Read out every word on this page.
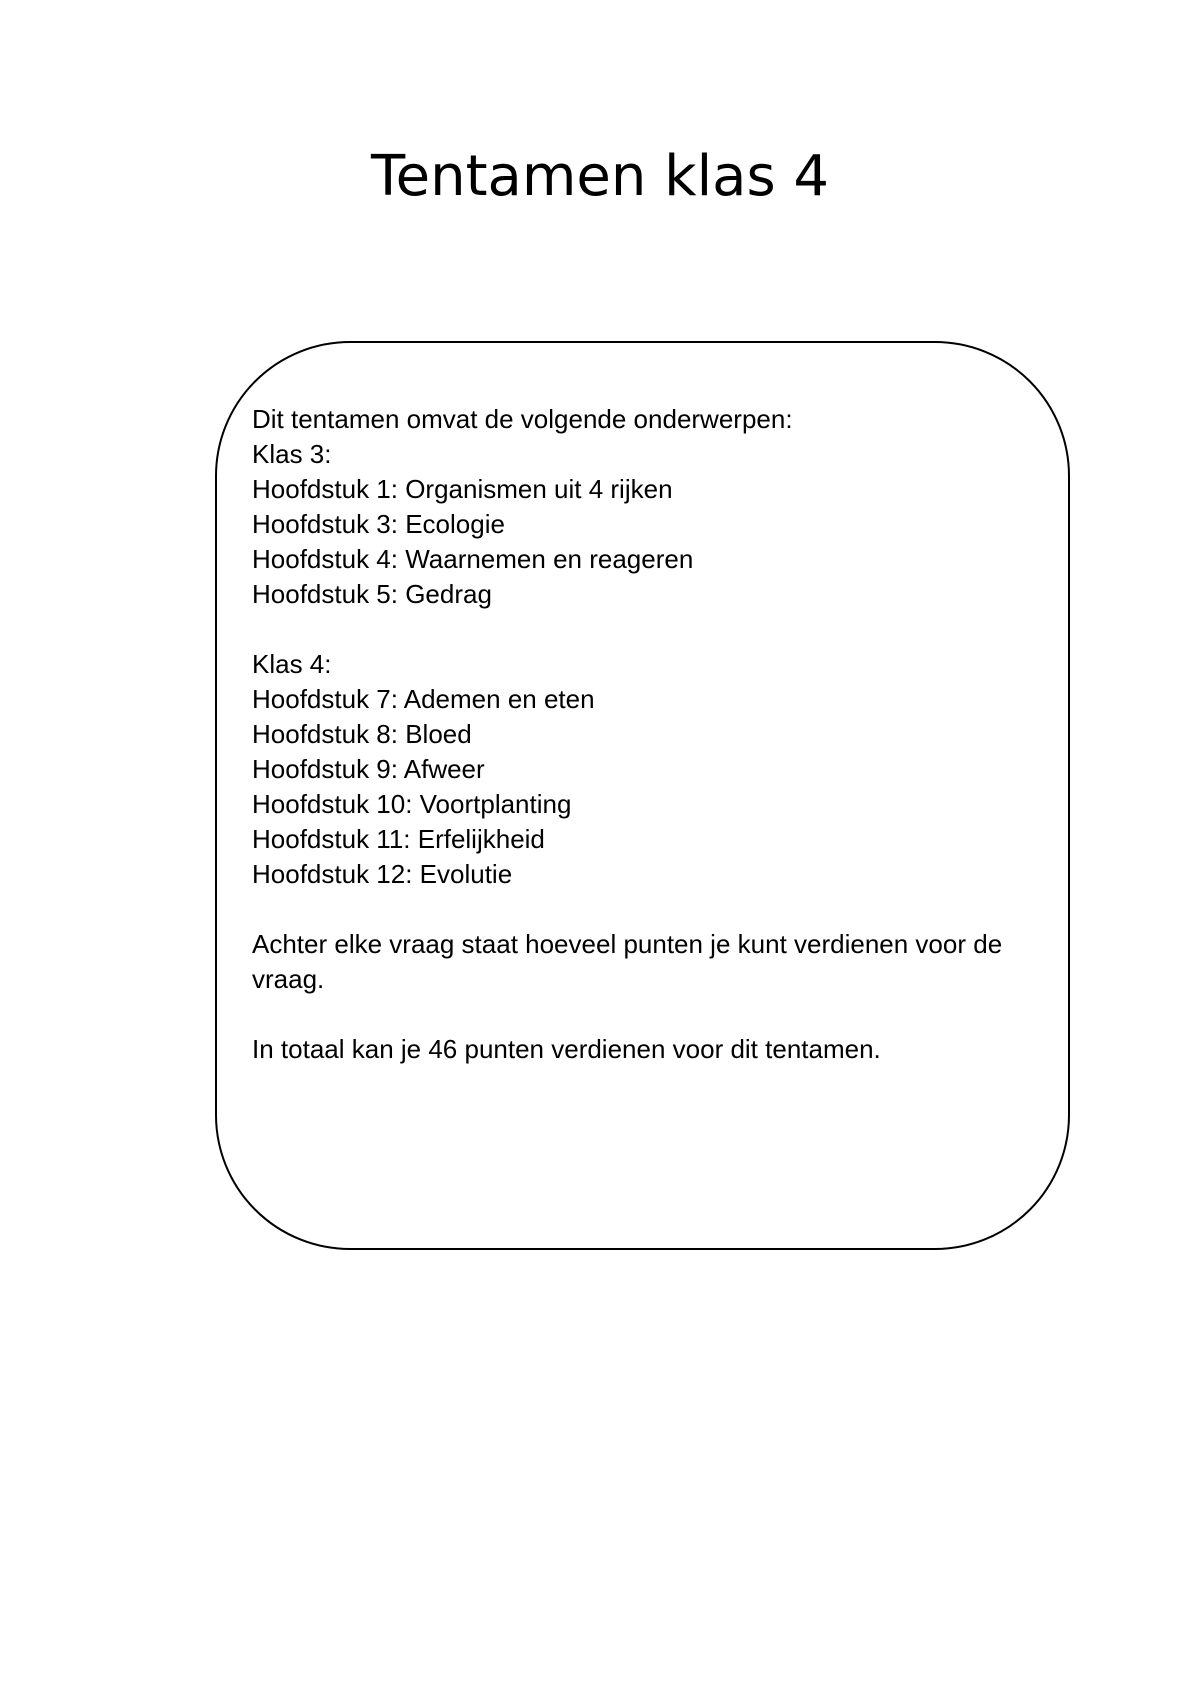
Tentamen klas 4
Dit tentamen omvat de volgende onderwerpen:
Klas 3:
Hoofdstuk 1: Organismen uit 4 rijken
Hoofdstuk 3: Ecologie
Hoofdstuk 4: Waarnemen en reageren
Hoofdstuk 5: Gedrag
Klas 4:
Hoofdstuk 7: Ademen en eten
Hoofdstuk 8: Bloed
Hoofdstuk 9: Afweer
Hoofdstuk 10: Voortplanting
Hoofdstuk 11: Erfelijkheid
Hoofdstuk 12: Evolutie
Achter elke vraag staat hoeveel punten je kunt verdienen voor de vraag.
In totaal kan je 46 punten verdienen voor dit tentamen.
